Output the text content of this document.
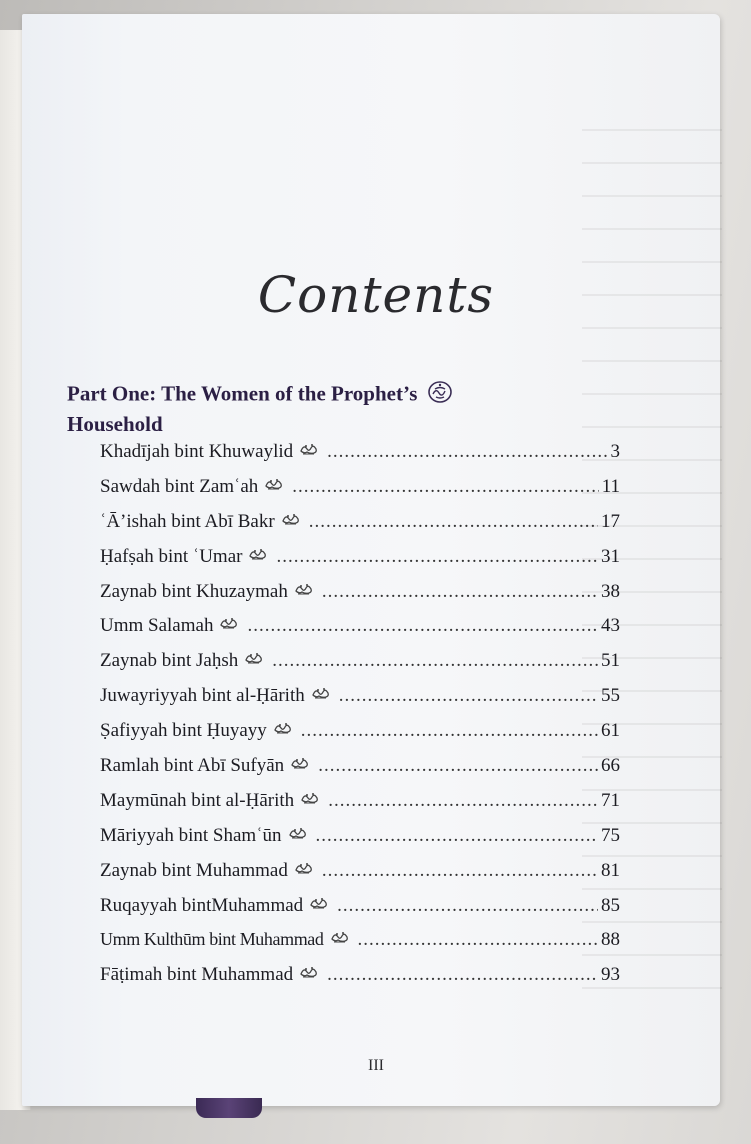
Contents
Part One: The Women of the Prophet’s
Household
Khadījah bint Khuwaylid .....	3
Sawdah bint Zamʿah .....	11
ʿĀ’ishah bint Abī Bakr .....	17
Ḥafṣah bint ʿUmar .....	31
Zaynab bint Khuzaymah .....	38
Umm Salamah .....	43
Zaynab bint Jaḥsh .....	51
Juwayriyyah bint al-Ḥārith .....	55
Ṣafiyyah bint Ḥuyayy .....	61
Ramlah bint Abī Sufyān .....	66
Maymūnah bint al-Ḥārith .....	71
Māriyyah bint Shamʿūn .....	75
Zaynab bint Muhammad .....	81
Ruqayyah bintMuhammad .....	85
Umm Kulthūm bint Muhammad .....	88
Fāṭimah bint Muhammad .....	93
III
